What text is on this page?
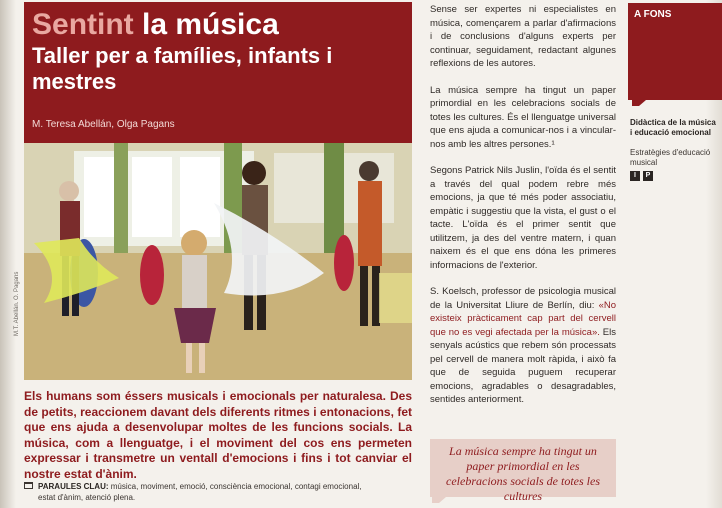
Sentint la música
Taller per a famílies, infants i mestres
M. Teresa Abellán, Olga Pagans
M.T. Abellán. O. Pagans
Els humans som éssers musicals i emocionals per naturalesa. Des de petits, reaccionem davant dels diferents ritmes i entonacions, fet que ens ajuda a desenvolupar moltes de les funcions socials. La música, com a llenguatge, i el moviment del cos ens permeten expressar i transmetre un ventall d'emocions i fins i tot canviar el nostre estat d'ànim.
PARAULES CLAU: música, moviment, emoció, consciència emocional, contagi emocional, estat d'ànim, atenció plena.

Sense ser expertes ni especialistes en música, començarem a parlar d'afirmacions i de conclusions d'alguns experts per continuar, seguidament, redactant algunes reflexions de les autores.

La música sempre ha tingut un paper primordial en les celebracions socials de totes les cultures. És el llenguatge universal que ens ajuda a comunicar-nos i a vincular-nos amb les altres persones.¹

Segons Patrick Nils Juslin, l'oïda és el sentit a través del qual podem rebre més emocions, ja que té més poder associatiu, empàtic i suggestiu que la vista, el gust o el tacte. L'oïda és el primer sentit que utilitzem, ja des del ventre matern, i quan naixem és el que ens dóna les primeres informacions de l'exterior.

S. Koelsch, professor de psicologia musical de la Universitat Lliure de Berlín, diu: «No existeix pràcticament cap part del cervell que no es vegi afectada per la música». Els senyals acústics que rebem són processats pel cervell de manera molt ràpida, i això fa que de seguida puguem recuperar emocions, agradables o desagradables, sentides anteriorment.

La música sempre ha tingut un paper primordial en les celebracions socials de totes les cultures
A FONS
Didàctica de la música i educació emocional
Estratègies d'educació musical
I	P
